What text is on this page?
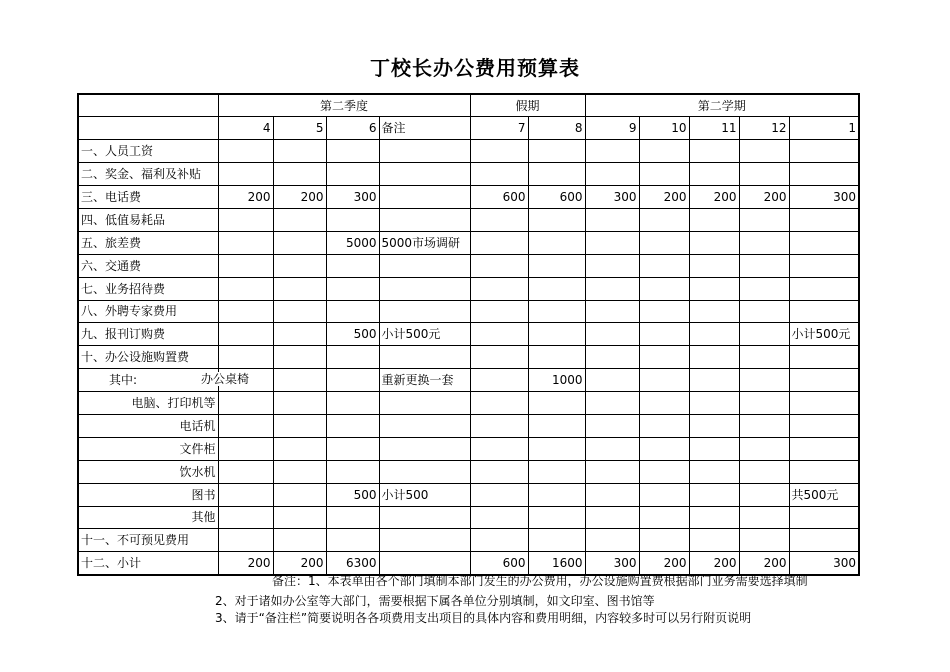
丁校长办公费用预算表
	第二季度				假期		第二学期				
	4	5	6	备注	7	8	9	10	11	12	1
一、人员工资											
二、奖金、福利及补贴											
三、电话费	200	200	300		600	600	300	200	200	200	300
四、低值易耗品											
五、旅差费			5000	5000市场调研							
六、交通费											
七、业务招待费											
八、外聘专家费用											
九、报刊订购费			500	小计500元							小计500元
十、办公设施购置费											
其中: 办公桌椅				重新更换一套		1000					
电脑、打印机等											
电话机											
文件柜											
饮水机											
图书			500	小计500							共500元
其他											
十一、不可预见费用											
十二、小计	200	200	6300		600	1600	300	200	200	200	300
备注：1、本表单由各个部门填制本部门发生的办公费用，办公设施购置费根据部门业务需要选择填制
2、对于诸如办公室等大部门，需要根据下属各单位分别填制，如文印室、图书馆等
3、请于“备注栏”简要说明各各项费用支出项目的具体内容和费用明细，内容较多时可以另行附页说明
